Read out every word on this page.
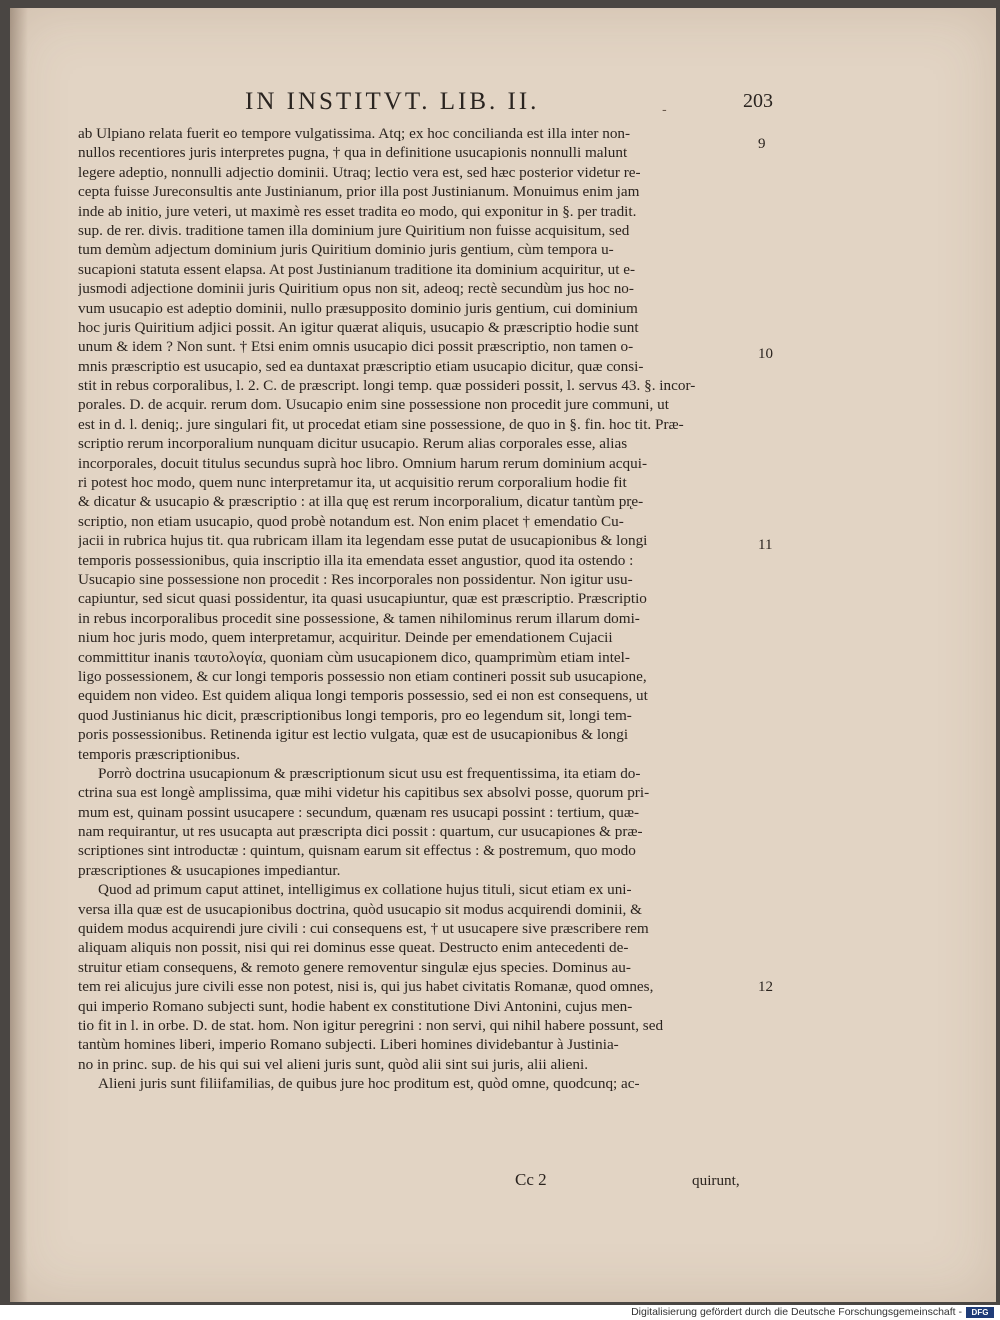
IN INSTITVT. LIB. II.	-	203
ab Ulpiano relata fuerit eo tempore vulgatissima. Atq; ex hoc conciliandа est illa inter non-
nullos recentiores juris interpretes pugna, † qua in definitione usucapionis nonnulli malunt
legere adeptio, nonnulli adjectio dominii. Utraq; lectio vera est, sed hæc posterior videtur re-
cepta fuisse Jureconsultis ante Justinianum, prior illa post Justinianum. Monuimus enim jam
inde ab initio, jure veteri, ut maximè res esset tradita eo modo, qui exponitur in §. per tradit.
sup. de rer. divis. traditione tamen illa dominium jure Quiritium non fuisse acquisitum, sed
tum demùm adjectum dominium juris Quiritium dominio juris gentium, cùm tempora u-
sucapioni statuta essent elapsa. At post Justinianum traditione ita dominium acquiritur, ut e-
jusmodi adjectione dominii juris Quiritium opus non sit, adeoq; rectè secundùm jus hoc no-
vum usucapio est adeptio dominii, nullo præsupposito dominio juris gentium, cui dominium
hoc juris Quiritium adjici possit. An igitur quærat aliquis, usucapio & præscriptio hodie sunt
unum & idem ? Non sunt. † Etsi enim omnis usucapio dici possit præscriptio, non tamen o-
mnis præscriptio est usucapio, sed ea duntaxat præscriptio etiam usucapio dicitur, quæ consi-
stit in rebus corporalibus, l. 2. C. de præscript. longi temp. quæ possideri possit, l. servus 43. §. incor-
porales. D. de acquir. rerum dom. Usucapio enim sine possessione non procedit jure communi, ut
est in d. l. deniq;. jure singulari fit, ut procedat etiam sine possessione, de quo in §. fin. hoc tit. Præ-
scriptio rerum incorporalium nunquam dicitur usucapio. Rerum alias corporales esse, alias
incorporales, docuit titulus secundus suprà hoc libro. Omnium harum rerum dominium acqui-
ri potest hoc modo, quem nunc interpretamur ita, ut acquisitio rerum corporalium hodie fit
& dicatur & usucapio & præscriptio : at illa quę est rerum incorporalium, dicatur tantùm pr̨e-
scriptio, non etiam usucapio, quod probè notandum est. Non enim placet † emendatio Cu-
jacii in rubrica hujus tit. qua rubricam illam ita legendam esse putat de usucapionibus & longi
temporis possessionibus, quia inscriptio illa ita emendata esset angustior, quod ita ostendo :
Usucapio sine possessione non procedit : Res incorporales non possidentur. Non igitur usu-
capiuntur, sed sicut quasi possidentur, ita quasi usucapiuntur, quæ est præscriptio. Præscriptio
in rebus incorporalibus procedit sine possessione, & tamen nihilominus rerum illarum domi-
nium hoc juris modo, quem interpretamur, acquiritur. Deinde per emendationem Cujacii
committitur inanis ταυτολογία, quoniam cùm usucapionem dico, quamprimùm etiam intel-
ligo possessionem, & cur longi temporis possessio non etiam contineri possit sub usucapione,
equidem non video. Est quidem aliqua longi temporis possessio, sed ei non est consequens, ut
quod Justinianus hic dicit, præscriptionibus longi temporis, pro eo legendum sit, longi tem-
poris possessionibus. Retinenda igitur est lectio vulgata, quæ est de usucapionibus & longi
temporis præscriptionibus.
Porrò doctrina usucapionum & præscriptionum sicut usu est frequentissima, ita etiam do-
ctrina sua est longè amplissima, quæ mihi videtur his capitibus sex absolvi posse, quorum pri-
mum est, quinam possint usucapere : secundum, quænam res usucapi possint : tertium, quæ-
nam requirantur, ut res usucapta aut præscripta dici possit : quartum, cur usucapiones & præ-
scriptiones sint introductæ : quintum, quisnam earum sit effectus : & postremum, quo modo
præscriptiones & usucapiones impediantur.
Quod ad primum caput attinet, intelligimus ex collatione hujus tituli, sicut etiam ex uni-
versa illa quæ est de usucapionibus doctrina, quòd usucapio sit modus acquirendi dominii, &
quidem modus acquirendi jure civili : cui consequens est, † ut usucapere sive præscribere rem
aliquam aliquis non possit, nisi qui rei dominus esse queat. Destructo enim antecedenti de-
struitur etiam consequens, & remoto genere removentur singulæ ejus species. Dominus au-
tem rei alicujus jure civili esse non potest, nisi is, qui jus habet civitatis Romanæ, quod omnes,
qui imperio Romano subjecti sunt, hodie habent ex constitutione Divi Antonini, cujus men-
tio fit in l. in orbe. D. de stat. hom. Non igitur peregrini : non servi, qui nihil habere possunt, sed
tantùm homines liberi, imperio Romano subjecti. Liberi homines dividebantur à Justinia-
no in princ. sup. de his qui sui vel alieni juris sunt, quòd alii sint sui juris, alii alieni.
Alieni juris sunt filiifamilias, de quibus jure hoc proditum est, quòd omne, quodcunq; ac-
9
10
11
12
Cc 2	quirunt,
Digitalisierung gefördert durch die Deutsche Forschungsgemeinschaft -	DFG
